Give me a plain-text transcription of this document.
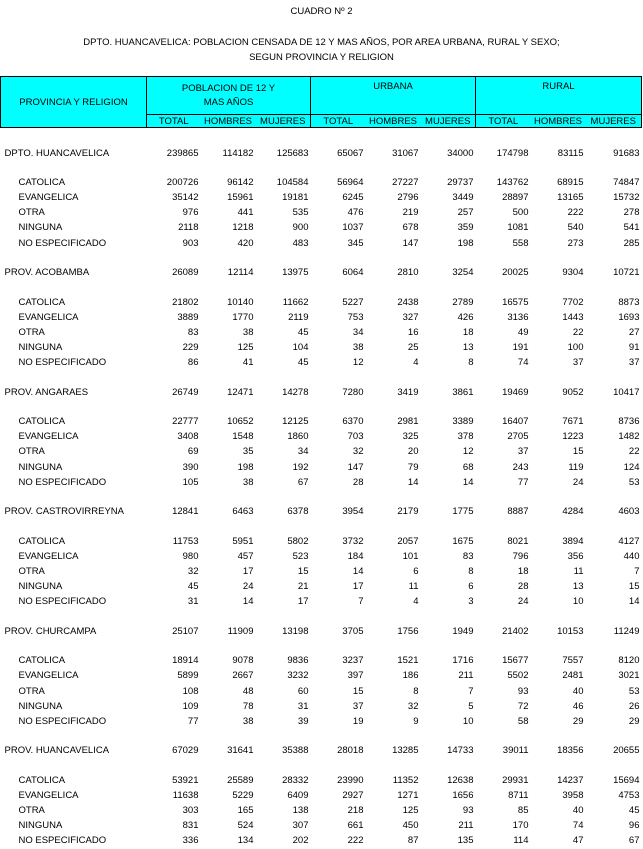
CUADRO Nº 2
DPTO. HUANCAVELICA: POBLACION CENSADA DE 12 Y MAS AÑOS, POR AREA URBANA, RURAL Y SEXO;
SEGUN PROVINCIA Y RELIGION
PROVINCIA Y RELIGION	POBLACION DE 12 Y MAS AÑOS			URBANA			RURAL		
	TOTAL	HOMBRES	MUJERES	TOTAL	HOMBRES	MUJERES	TOTAL	HOMBRES	MUJERES

DPTO. HUANCAVELICA	239865	114182	125683	65067	31067	34000	174798	83115	91683

CATOLICA	200726	96142	104584	56964	27227	29737	143762	68915	74847
EVANGELICA	35142	15961	19181	6245	2796	3449	28897	13165	15732
OTRA	976	441	535	476	219	257	500	222	278
NINGUNA	2118	1218	900	1037	678	359	1081	540	541
NO ESPECIFICADO	903	420	483	345	147	198	558	273	285

PROV. ACOBAMBA	26089	12114	13975	6064	2810	3254	20025	9304	10721

CATOLICA	21802	10140	11662	5227	2438	2789	16575	7702	8873
EVANGELICA	3889	1770	2119	753	327	426	3136	1443	1693
OTRA	83	38	45	34	16	18	49	22	27
NINGUNA	229	125	104	38	25	13	191	100	91
NO ESPECIFICADO	86	41	45	12	4	8	74	37	37

PROV. ANGARAES	26749	12471	14278	7280	3419	3861	19469	9052	10417

CATOLICA	22777	10652	12125	6370	2981	3389	16407	7671	8736
EVANGELICA	3408	1548	1860	703	325	378	2705	1223	1482
OTRA	69	35	34	32	20	12	37	15	22
NINGUNA	390	198	192	147	79	68	243	119	124
NO ESPECIFICADO	105	38	67	28	14	14	77	24	53

PROV. CASTROVIRREYNA	12841	6463	6378	3954	2179	1775	8887	4284	4603

CATOLICA	11753	5951	5802	3732	2057	1675	8021	3894	4127
EVANGELICA	980	457	523	184	101	83	796	356	440
OTRA	32	17	15	14	6	8	18	11	7
NINGUNA	45	24	21	17	11	6	28	13	15
NO ESPECIFICADO	31	14	17	7	4	3	24	10	14

PROV. CHURCAMPA	25107	11909	13198	3705	1756	1949	21402	10153	11249

CATOLICA	18914	9078	9836	3237	1521	1716	15677	7557	8120
EVANGELICA	5899	2667	3232	397	186	211	5502	2481	3021
OTRA	108	48	60	15	8	7	93	40	53
NINGUNA	109	78	31	37	32	5	72	46	26
NO ESPECIFICADO	77	38	39	19	9	10	58	29	29

PROV. HUANCAVELICA	67029	31641	35388	28018	13285	14733	39011	18356	20655

CATOLICA	53921	25589	28332	23990	11352	12638	29931	14237	15694
EVANGELICA	11638	5229	6409	2927	1271	1656	8711	3958	4753
OTRA	303	165	138	218	125	93	85	40	45
NINGUNA	831	524	307	661	450	211	170	74	96
NO ESPECIFICADO	336	134	202	222	87	135	114	47	67
